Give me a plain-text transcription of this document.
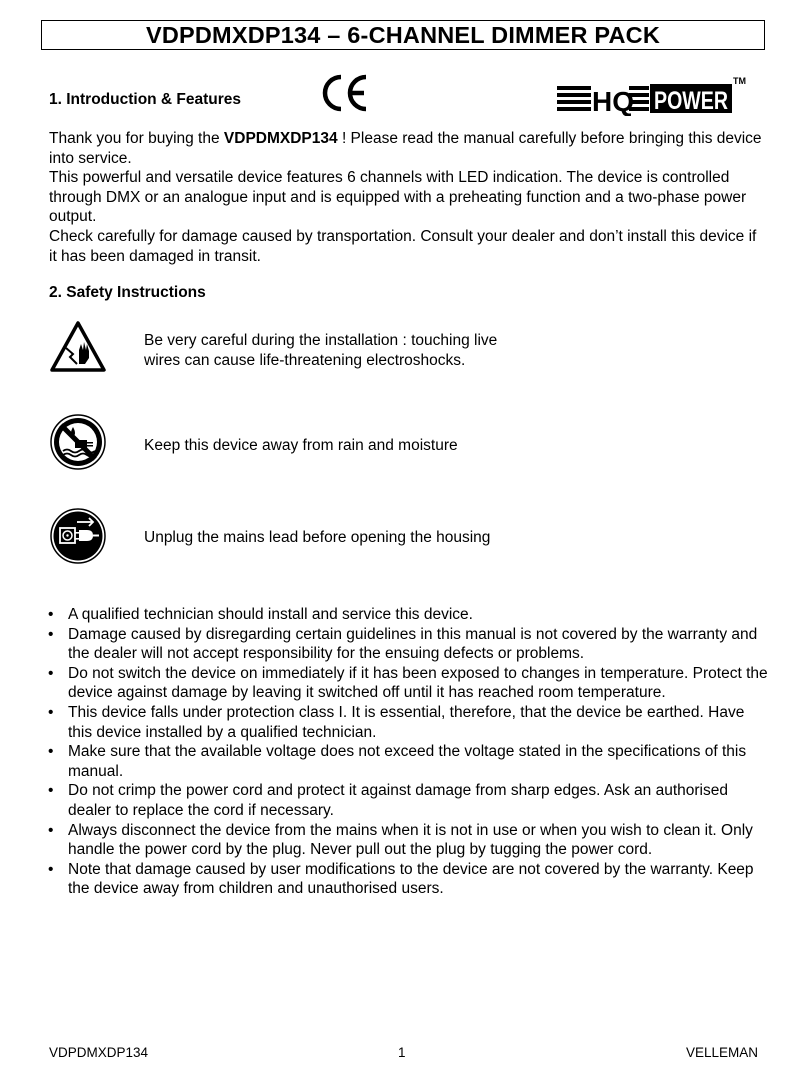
VDPDMXDP134 – 6-CHANNEL DIMMER PACK
1. Introduction & Features	HQ POWER
TM

Thank you for buying the VDPDMXDP134 ! Please read the manual carefully before bringing this device into service.

This powerful and versatile device features 6 channels with LED indication. The device is controlled through DMX or an analogue input and is equipped with a preheating function and a two-phase power output.

Check carefully for damage caused by transportation. Consult your dealer and don’t install this device if it has been damaged in transit.

2. Safety Instructions
Be very careful during the installation : touching live
wires can cause life-threatening electroshocks.
Keep this device away from rain and moisture
Unplug the mains lead before opening the housing
• A qualified technician should install and service this device.
• Damage caused by disregarding certain guidelines in this manual is not covered by the warranty and the dealer will not accept responsibility for the ensuing defects or problems.
• Do not switch the device on immediately if it has been exposed to changes in temperature. Protect the device against damage by leaving it switched off until it has reached room temperature.
• This device falls under protection class I. It is essential, therefore, that the device be earthed. Have this device installed by a qualified technician.
• Make sure that the available voltage does not exceed the voltage stated in the specifications of this manual.
• Do not crimp the power cord and protect it against damage from sharp edges. Ask an authorised dealer to replace the cord if necessary.
• Always disconnect the device from the mains when it is not in use or when you wish to clean it. Only handle the power cord by the plug. Never pull out the plug by tugging the power cord.
• Note that damage caused by user modifications to the device are not covered by the warranty. Keep the device away from children and unauthorised users.
VDPDMXDP134	1	VELLEMAN
